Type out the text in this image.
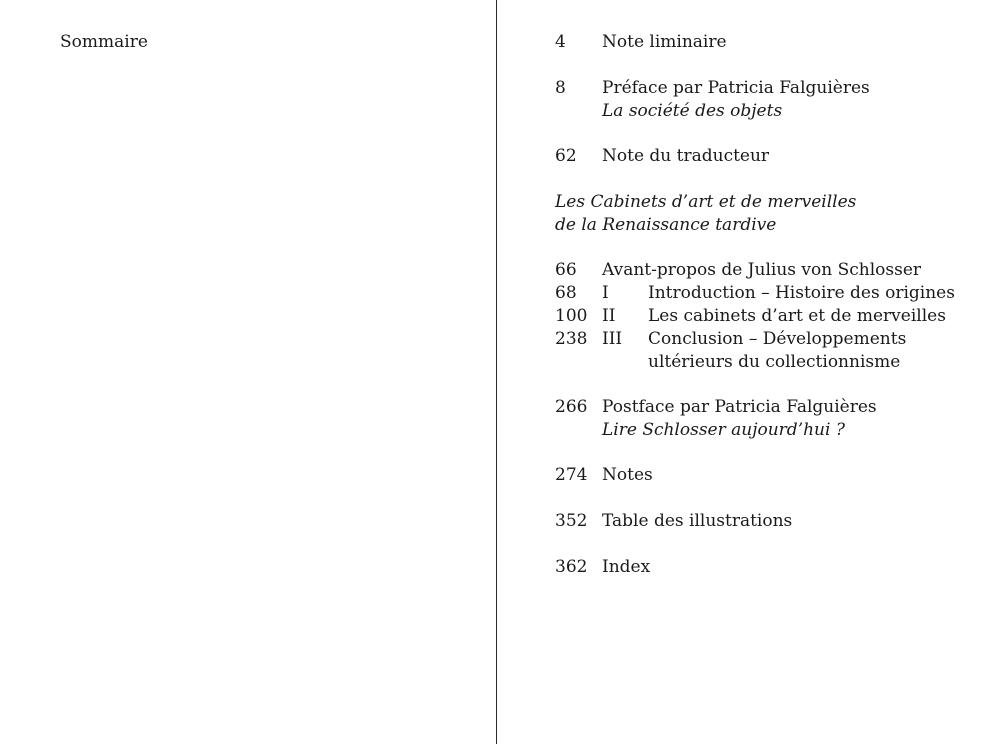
Sommaire	4 Note liminaire
8 Préface par Patricia Falguières
La société des objets
62 Note du traducteur
Les Cabinets d’art et de merveilles
de la Renaissance tardive
66 Avant-propos de Julius von Schlosser
68 I Introduction – Histoire des origines
100 II Les cabinets d’art et de merveilles
238 III Conclusion – Développements
ultérieurs du collectionnisme
266 Postface par Patricia Falguières
Lire Schlosser aujourd’hui ?
274 Notes
352 Table des illustrations
362 Index
